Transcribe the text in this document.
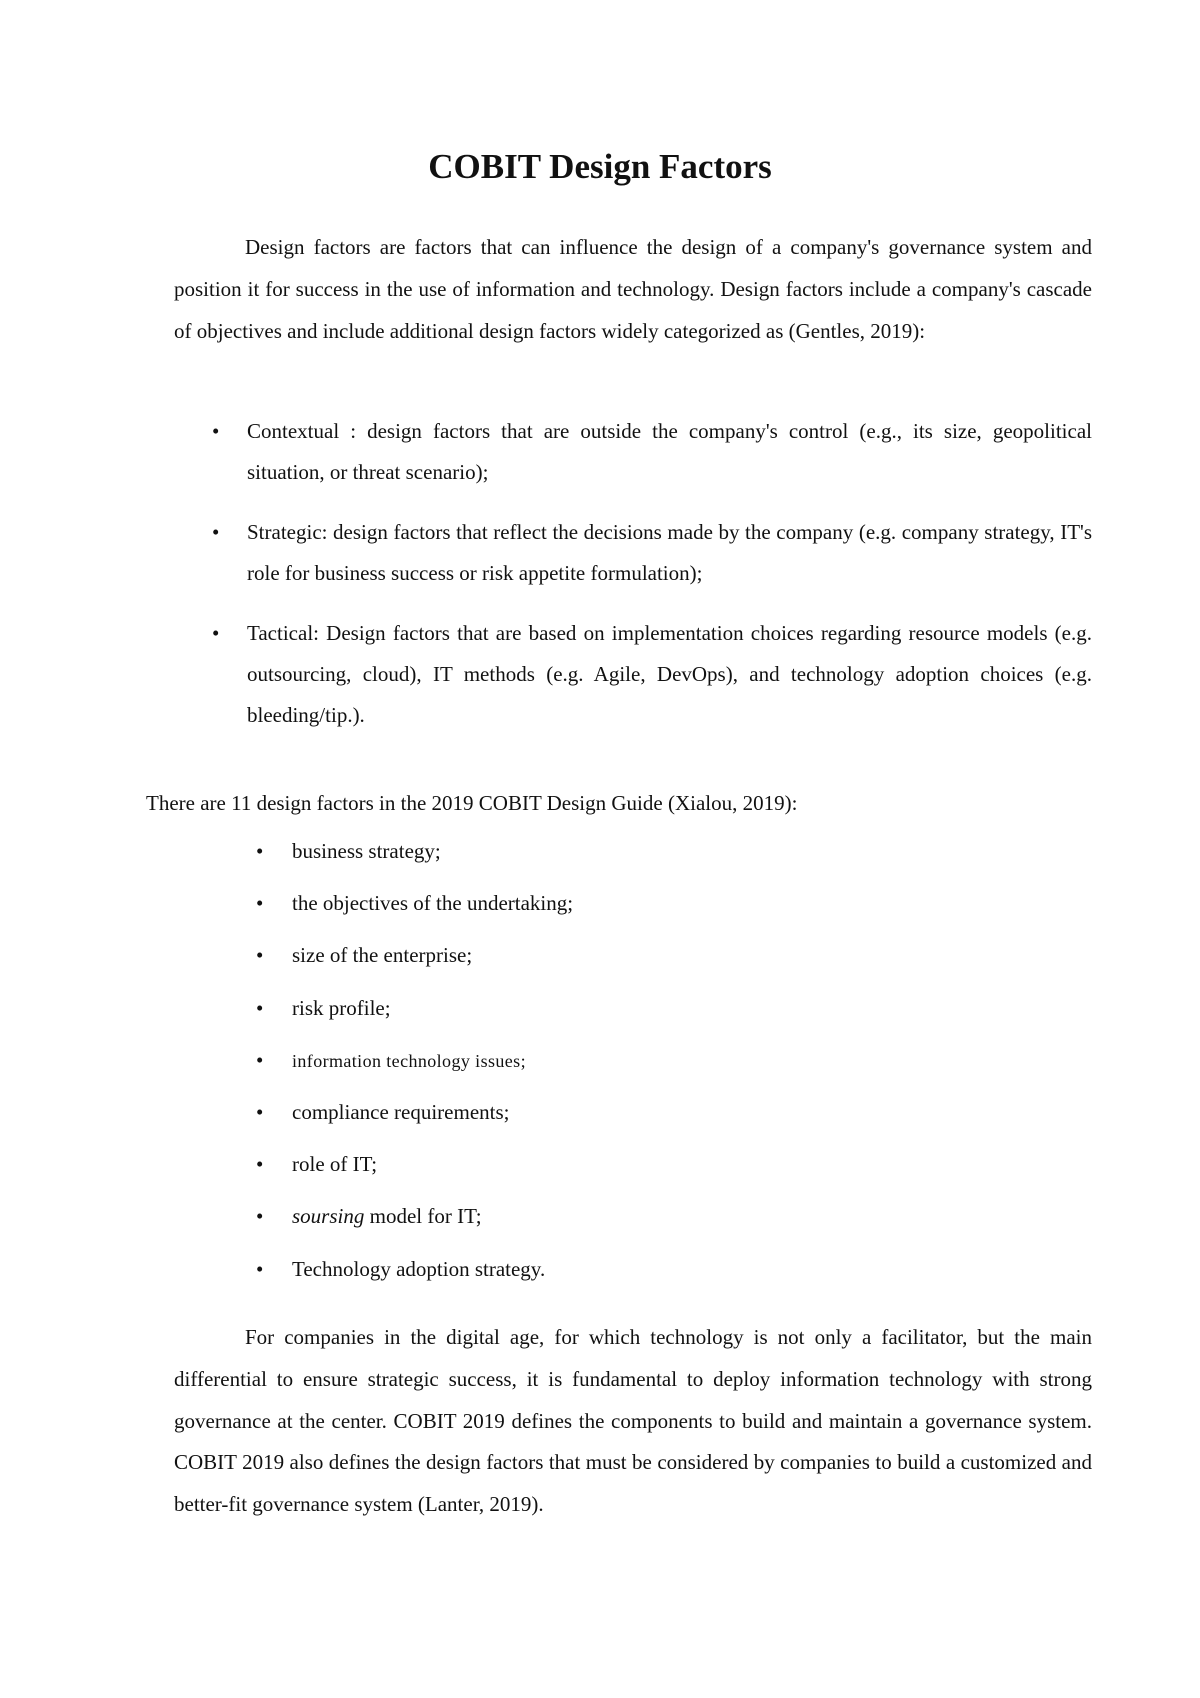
COBIT Design Factors

Design factors are factors that can influence the design of a company's governance system and position it for success in the use of information and technology. Design factors include a company's cascade of objectives and include additional design factors widely categorized as (Gentles, 2019):

• Contextual : design factors that are outside the company's control (e.g., its size, geopolitical situation, or threat scenario);
• Strategic: design factors that reflect the decisions made by the company (e.g. company strategy, IT's role for business success or risk appetite formulation);
• Tactical: Design factors that are based on implementation choices regarding resource models (e.g. outsourcing, cloud), IT methods (e.g. Agile, DevOps), and technology adoption choices (e.g. bleeding/tip.).

There are 11 design factors in the 2019 COBIT Design Guide (Xialou, 2019):

• business strategy;
• the objectives of the undertaking;
• size of the enterprise;
• risk profile;
• information technology issues;
• compliance requirements;
• role of IT;
• soursing model for IT;
• Technology adoption strategy.

For companies in the digital age, for which technology is not only a facilitator, but the main differential to ensure strategic success, it is fundamental to deploy information technology with strong governance at the center. COBIT 2019 defines the components to build and maintain a governance system. COBIT 2019 also defines the design factors that must be considered by companies to build a customized and better-fit governance system (Lanter, 2019).
